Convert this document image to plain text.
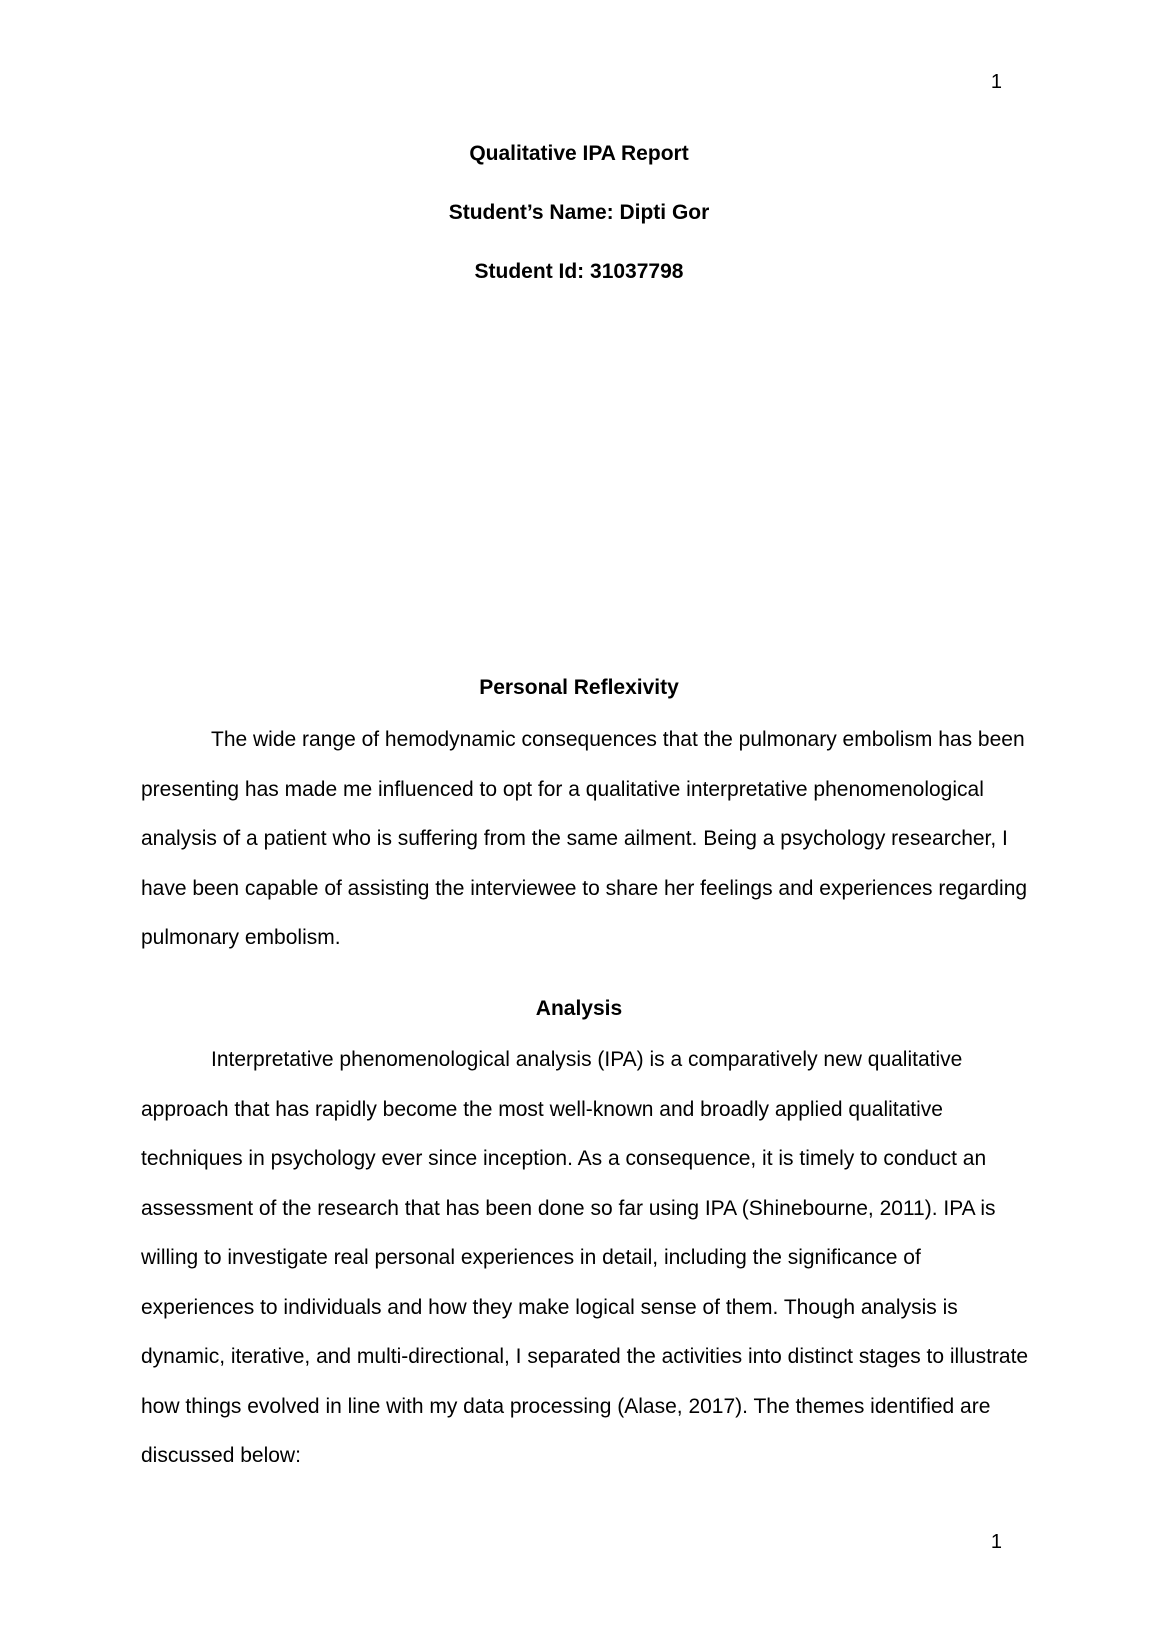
1
Qualitative IPA Report
Student’s Name: Dipti Gor
Student Id: 31037798
Personal Reflexivity

The wide range of hemodynamic consequences that the pulmonary embolism has been presenting has made me influenced to opt for a qualitative interpretative phenomenological analysis of a patient who is suffering from the same ailment. Being a psychology researcher, I have been capable of assisting the interviewee to share her feelings and experiences regarding pulmonary embolism.

Analysis

Interpretative phenomenological analysis (IPA) is a comparatively new qualitative approach that has rapidly become the most well-known and broadly applied qualitative techniques in psychology ever since inception. As a consequence, it is timely to conduct an assessment of the research that has been done so far using IPA (Shinebourne, 2011). IPA is willing to investigate real personal experiences in detail, including the significance of experiences to individuals and how they make logical sense of them. Though analysis is dynamic, iterative, and multi-directional, I separated the activities into distinct stages to illustrate how things evolved in line with my data processing (Alase, 2017). The themes identified are discussed below:

1
